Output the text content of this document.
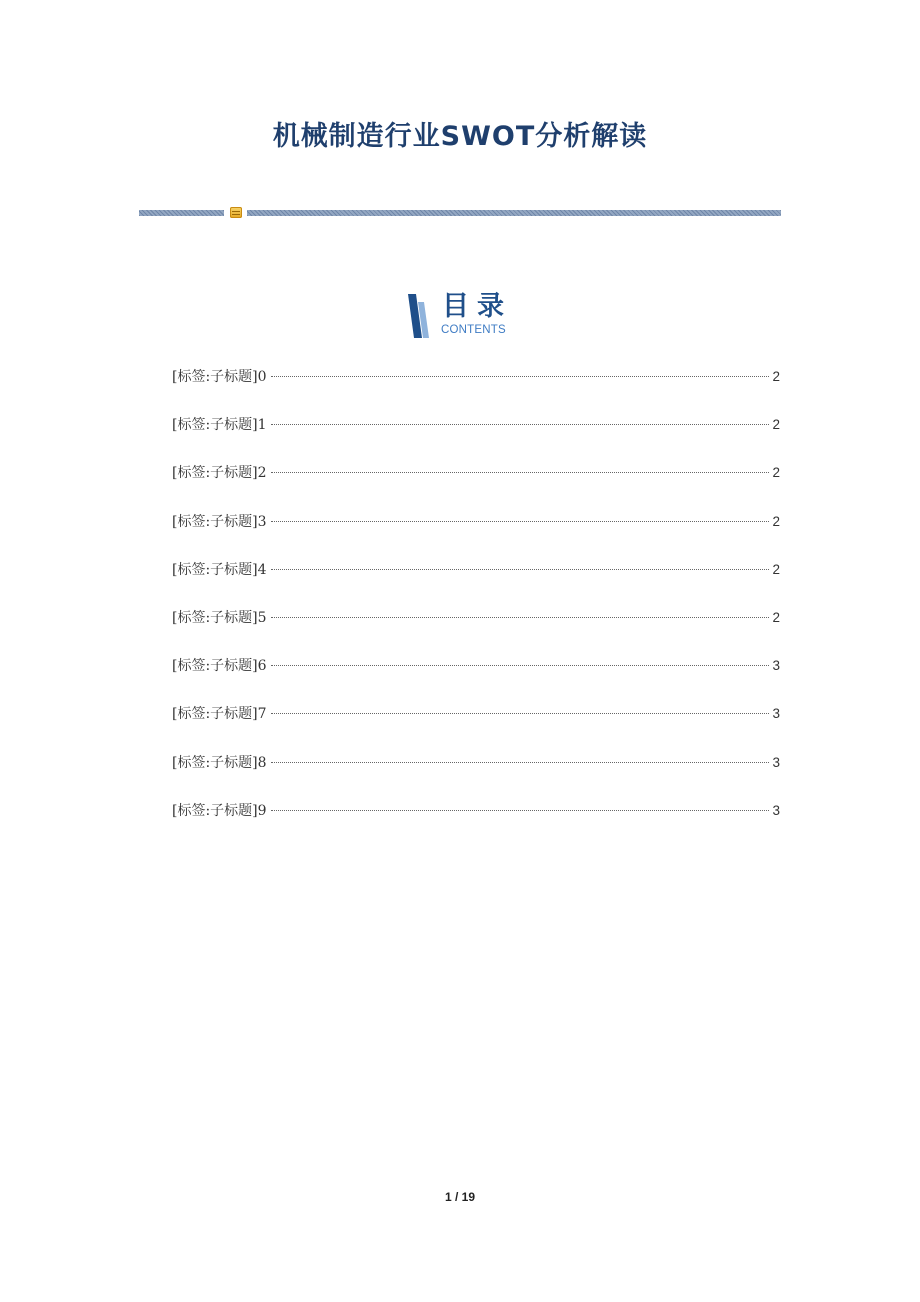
机械制造行业SWOT分析解读
目录
CONTENTS
[标签:子标题]0	2
[标签:子标题]1	2
[标签:子标题]2	2
[标签:子标题]3	2
[标签:子标题]4	2
[标签:子标题]5	2
[标签:子标题]6	3
[标签:子标题]7	3
[标签:子标题]8	3
[标签:子标题]9	3
1 / 19
